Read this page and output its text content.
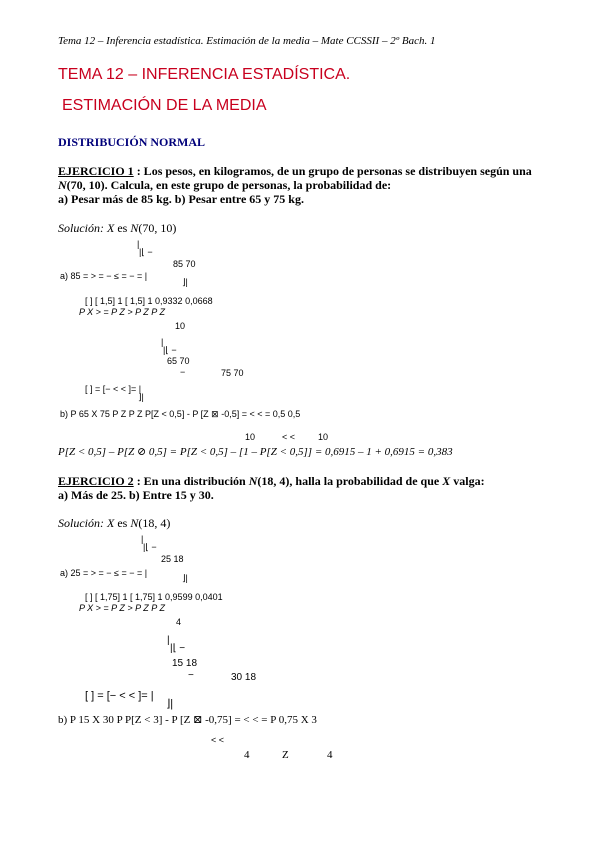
Tema 12 – Inferencia estadística. Estimación de la media – Mate CCSSII – 2º Bach. 1
TEMA 12 – INFERENCIA ESTADÍSTICA.
ESTIMACIÓN DE LA MEDIA
DISTRIBUCIÓN NORMAL
EJERCICIO 1 : Los pesos, en kilogramos, de un grupo de personas se distribuyen según una
N(70, 10). Calcula, en este grupo de personas, la probabilidad de:
a) Pesar más de 85 kg. b) Pesar entre 65 y 75 kg.
Solución: X es N(70, 10)
|
|⌊ −
85 70
a) 85 = > = − ≤ = − = |
⌋|
[ ] [ 1,5] 1 [ 1,5] 1 0,9332 0,0668
P X > = P Z > P Z P Z
10
|
|⌊ −
65 70
−	75 70
[ ] = [− < < ]= |
⌋|
b) P 65 X 75 P Z P Z P[Z < 0,5] - P [Z ⊠ -0,5] = < < = 0,5 0,5
10	< <	10
P[Z < 0,5] – P[Z ⊘ 0,5] = P[Z < 0,5] – [1 – P[Z < 0,5]] = 0,6915 – 1 + 0,6915 = 0,383
EJERCICIO 2 : En una distribución N(18, 4), halla la probabilidad de que X valga:
a) Más de 25. b) Entre 15 y 30.
Solución: X es N(18, 4)
|
|⌊ −
25 18
a) 25 = > = − ≤ = − = |	⌋|
[ ] [ 1,75] 1 [ 1,75] 1 0,9599 0,0401
P X > = P Z > P Z P Z
4
|
|⌊ −
15 18
−	30 18
[ ] = [− < < ]= |
⌋|
b) P 15 X 30 P P[Z < 3] - P [Z ⊠ -0,75] = < < = P 0,75 X 3
< <
4	Z	4
